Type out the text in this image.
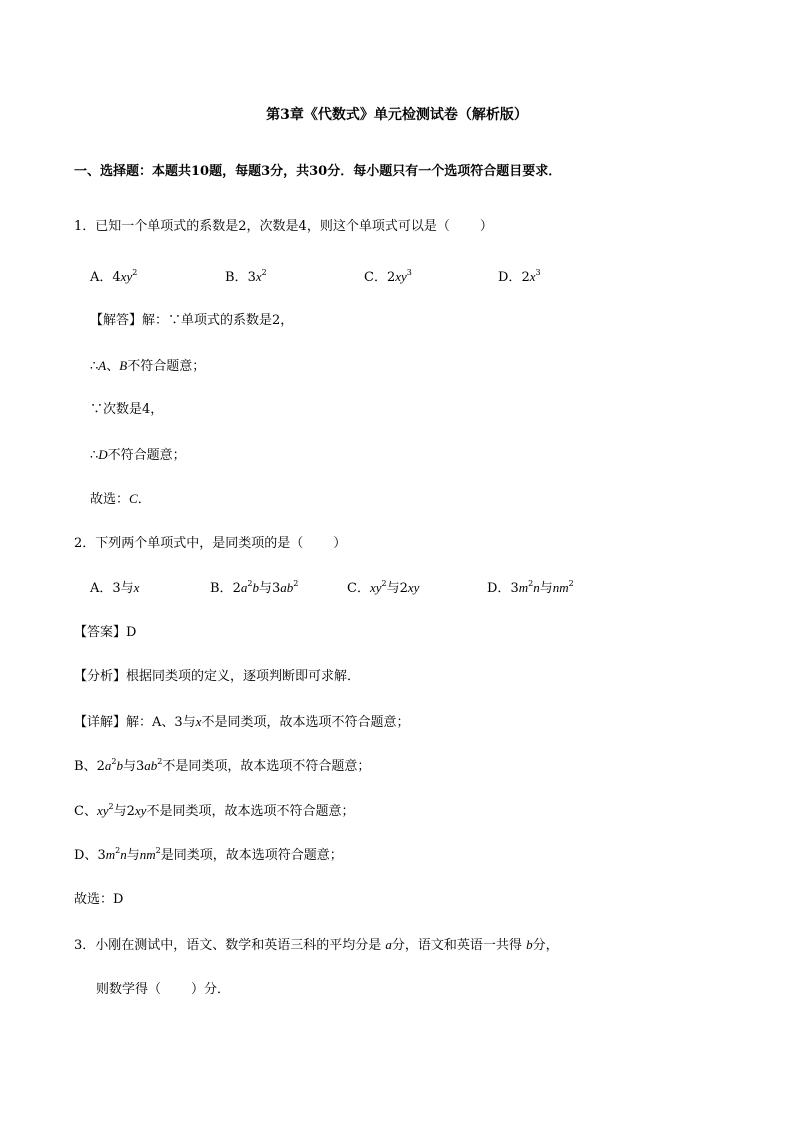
第3章《代数式》单元检测试卷（解析版）
一、选择题：本题共10题，每题3分，共30分．每小题只有一个选项符合题目要求．
1．已知一个单项式的系数是2，次数是4，则这个单项式可以是（ ）
A．$4xy^2$	B．$3x^2$	C．$2xy^3$	D．$2x^3$
【解答】解：∵单项式的系数是2，
∴A、B不符合题意；
∵次数是4，
∴D不符合题意；
故选：C．
2．下列两个单项式中，是同类项的是（ ）
A．3与x	B．$2a^2b$与$3ab^2$	C．$xy^2$与2xy	D．$3m^2n$与$nm^2$
【答案】D
【分析】根据同类项的定义，逐项判断即可求解．
【详解】解：A、3与x不是同类项，故本选项不符合题意；
B、$2a^2b$与$3ab^2$不是同类项，故本选项不符合题意；
C、$xy^2$与2xy不是同类项，故本选项不符合题意；
D、$3m^2n$与$nm^2$是同类项，故本选项符合题意；
故选：D
3．小刚在测试中，语文、数学和英语三科的平均分是 a分，语文和英语一共得 b分，
则数学得（ ）分．
